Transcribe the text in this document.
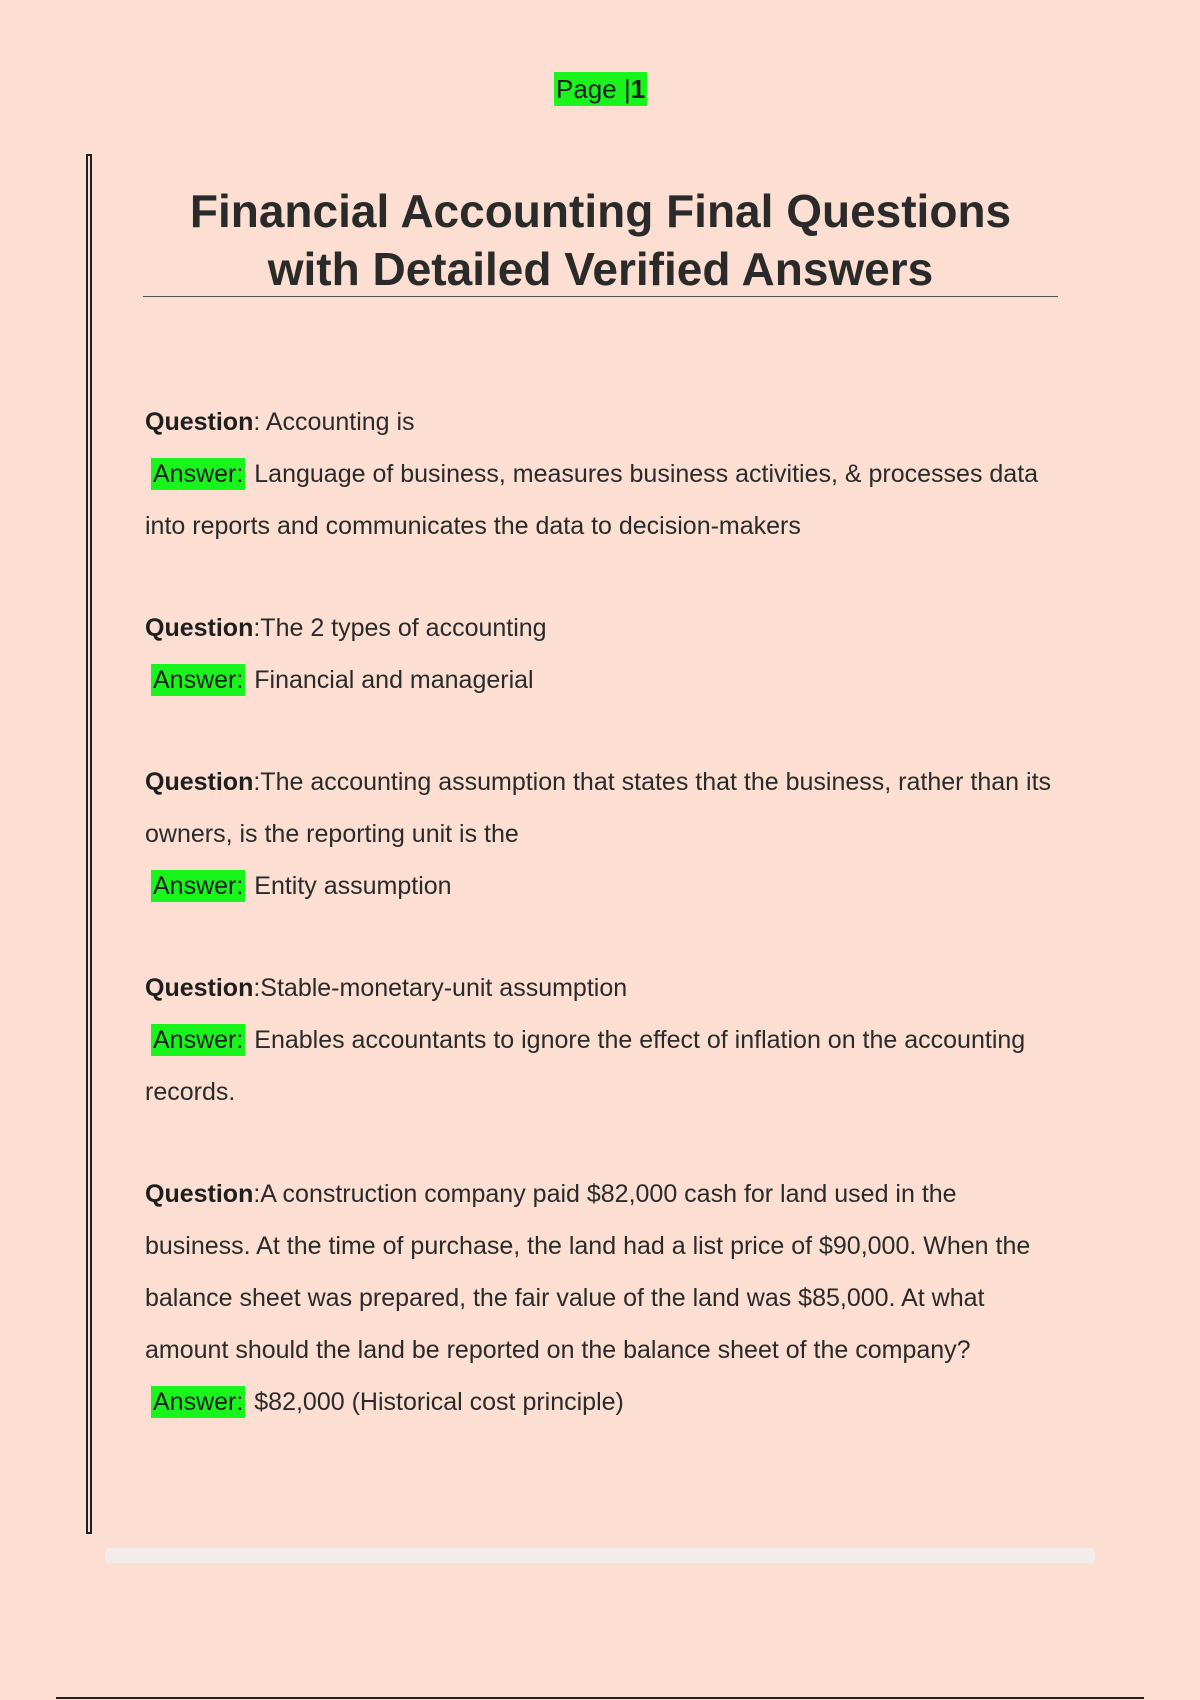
Page |1
Financial Accounting Final Questions
with Detailed Verified Answers

Question: Accounting is

Answer: Language of business, measures business activities, & processes data into reports and communicates the data to decision-makers

Question:The 2 types of accounting

Answer: Financial and managerial

Question:The accounting assumption that states that the business, rather than its owners, is the reporting unit is the

Answer: Entity assumption

Question:Stable-monetary-unit assumption

Answer: Enables accountants to ignore the effect of inflation on the accounting records.

Question:A construction company paid $82,000 cash for land used in the business. At the time of purchase, the land had a list price of $90,000. When the balance sheet was prepared, the fair value of the land was $85,000. At what amount should the land be reported on the balance sheet of the company?

Answer: $82,000 (Historical cost principle)
